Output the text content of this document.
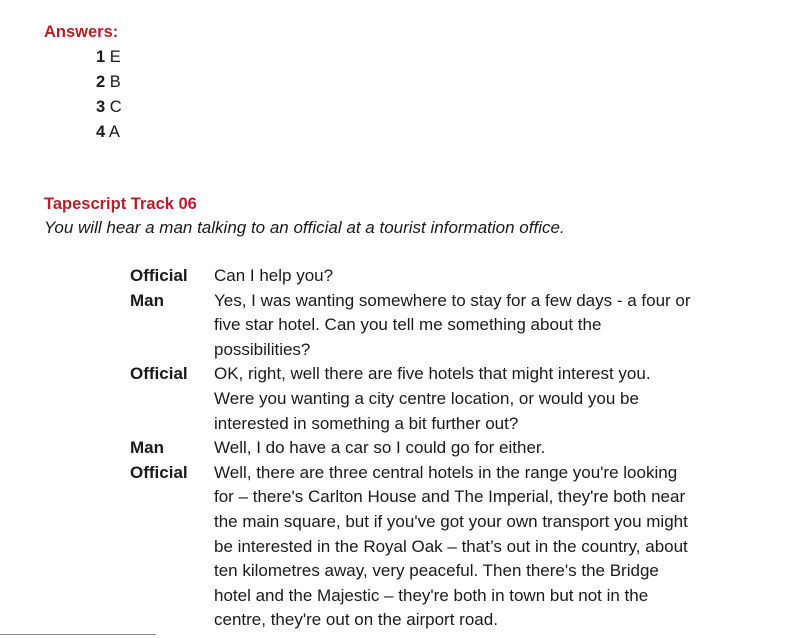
Answers:
1 E
2 B
3 C
4 A
Tapescript Track 06
You will hear a man talking to an official at a tourist information office.
Official	Can I help you?
Man	Yes, I was wanting somewhere to stay for a few days - a four or
five star hotel. Can you tell me something about the
possibilities?
Official	OK, right, well there are five hotels that might interest you.
Were you wanting a city centre location, or would you be
interested in something a bit further out?
Man	Well, I do have a car so I could go for either.
Official	Well, there are three central hotels in the range you're looking
for – there's Carlton House and The Imperial, they're both near
the main square, but if you've got your own transport you might
be interested in the Royal Oak – that’s out in the country, about
ten kilometres away, very peaceful. Then there's the Bridge
hotel and the Majestic – they're both in town but not in the
centre, they're out on the airport road.
